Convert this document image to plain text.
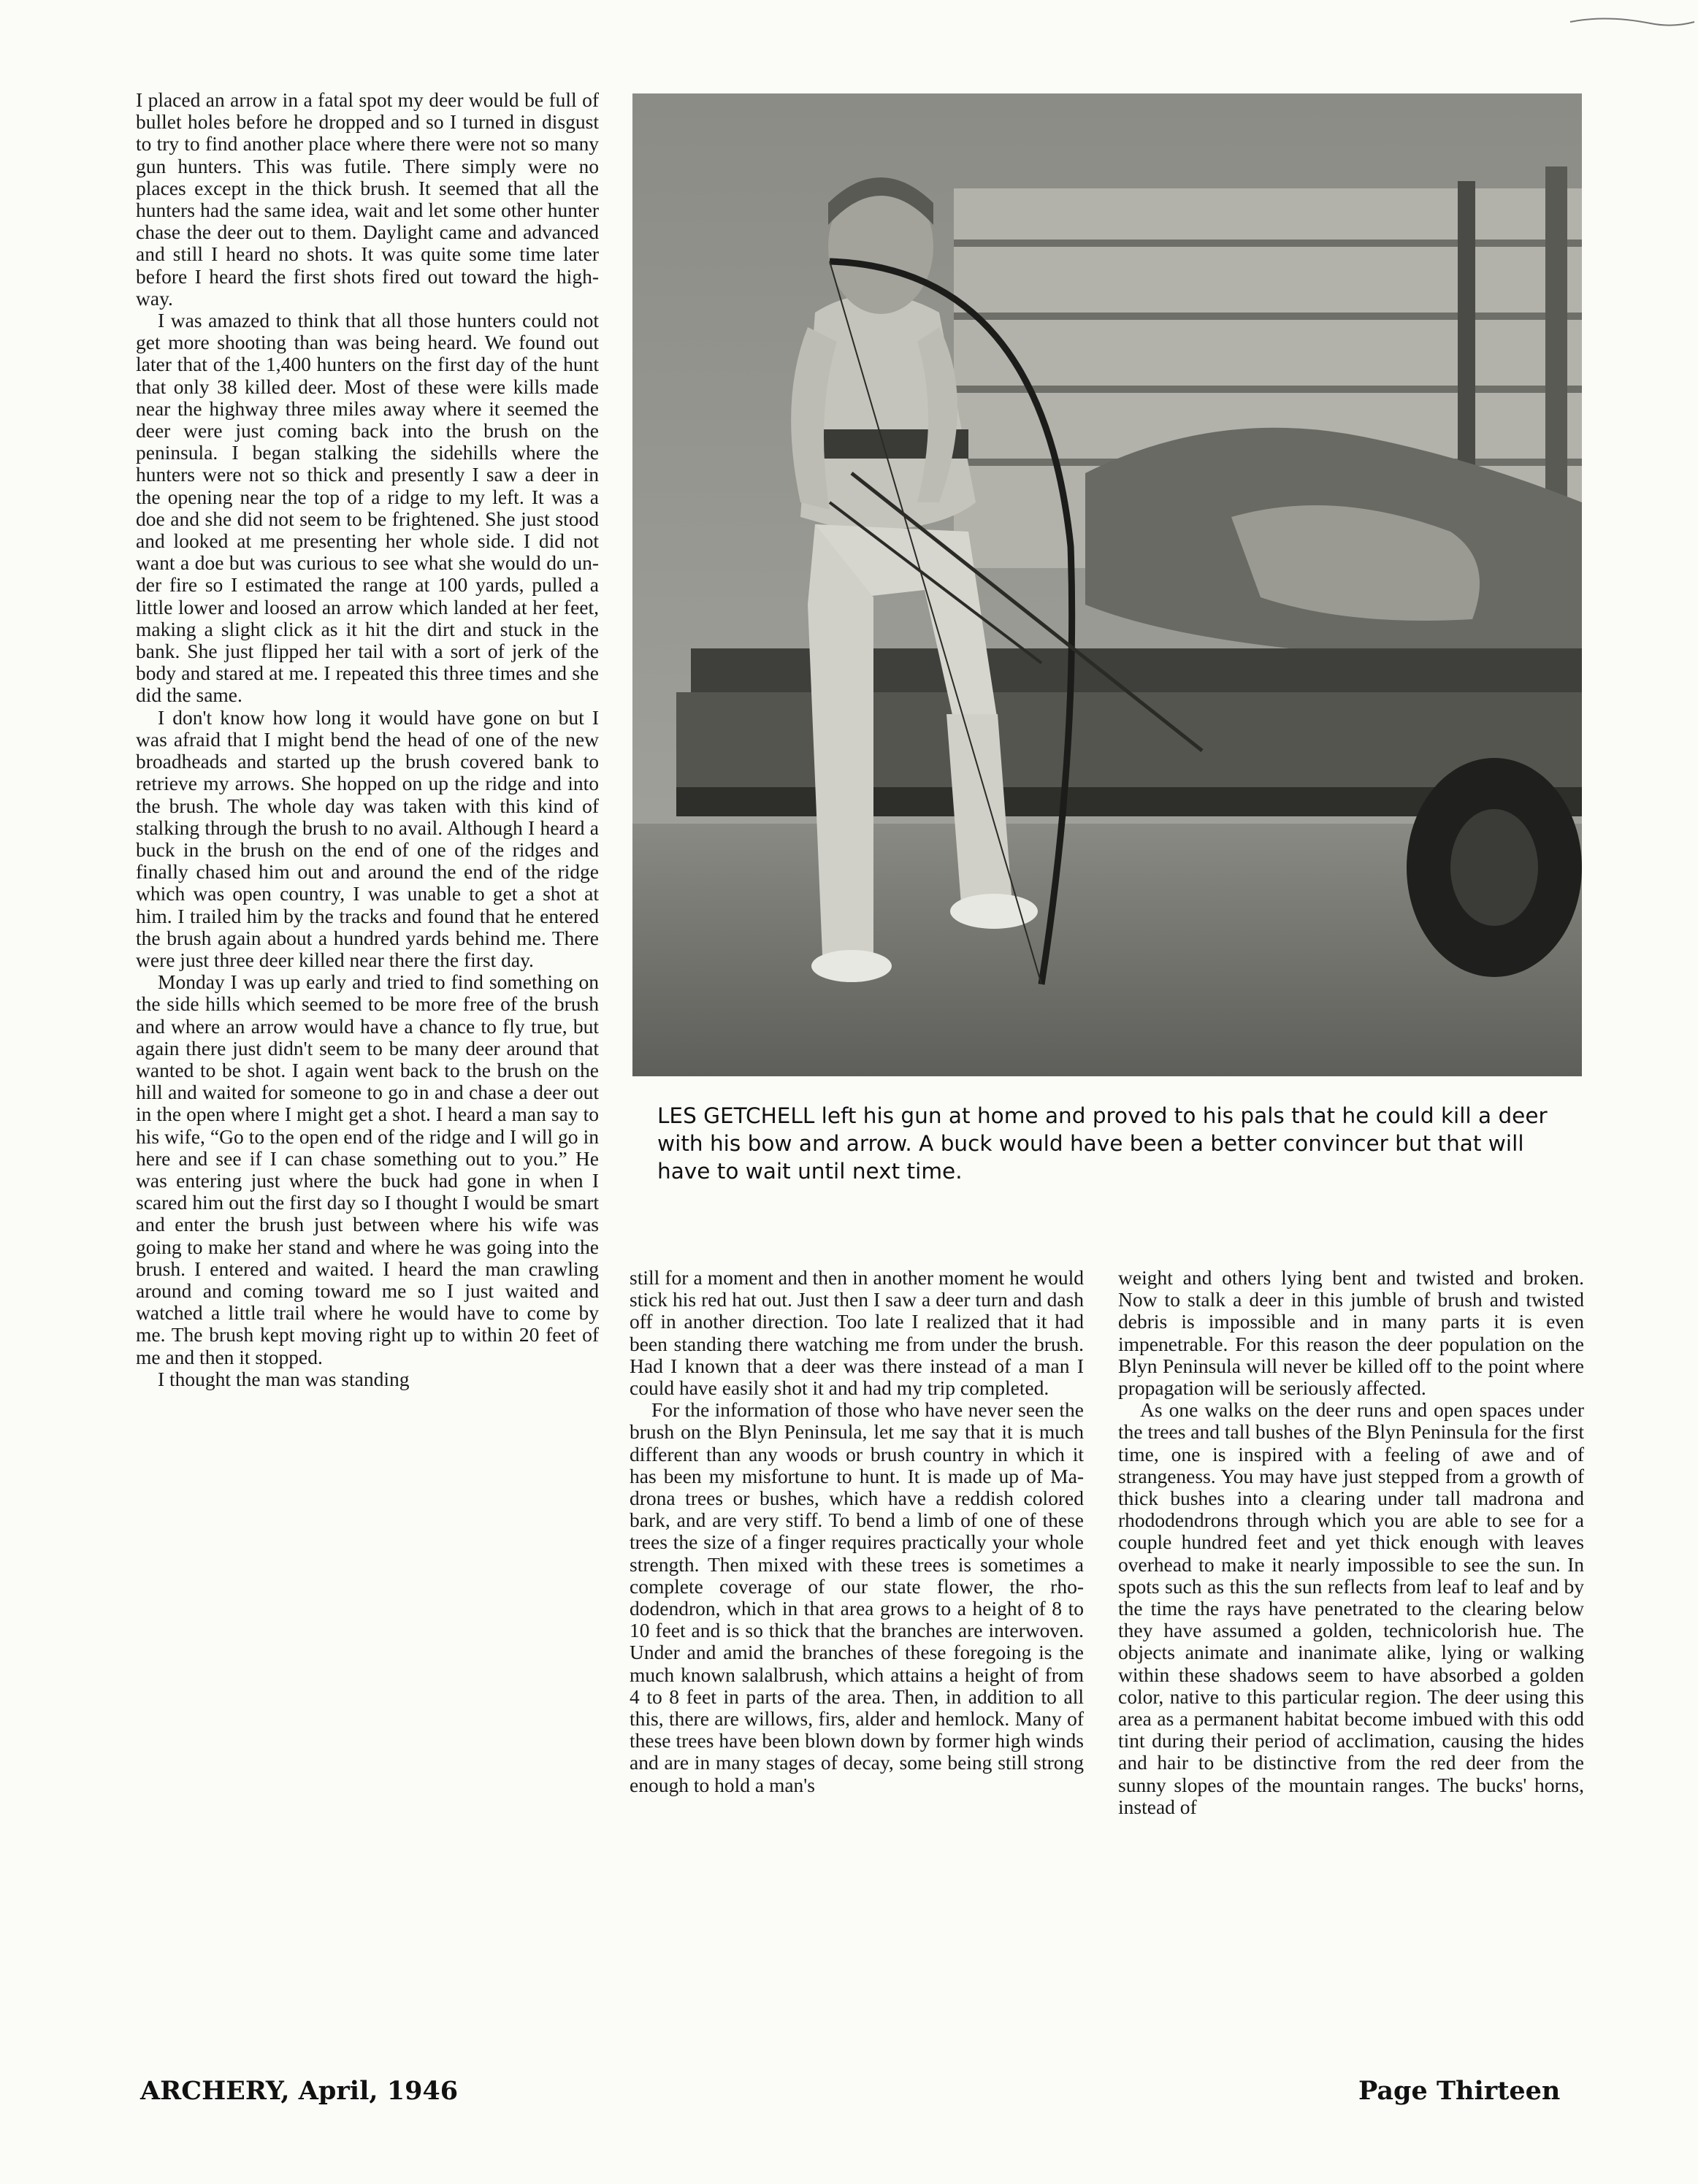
I placed an arrow in a fatal spot my deer would be full of bullet holes before he dropped and so I turned in disgust to try to find another place where there were not so many gun hunters. This was futile. There simply were no places except in the thick brush. It seemed that all the hunters had the same idea, wait and let some other hunter chase the deer out to them. Daylight came and advanced and still I heard no shots. It was quite some time later before I heard the first shots fired out toward the highway.

I was amazed to think that all those hunters could not get more shooting than was being heard. We found out later that of the 1,400 hunters on the first day of the hunt that only 38 killed deer. Most of these were kills made near the highway three miles away where it seemed the deer were just coming back into the brush on the peninsula. I began stalking the sidehills where the hunters were not so thick and presently I saw a deer in the opening near the top of a ridge to my left. It was a doe and she did not seem to be frightened. She just stood and looked at me presenting her whole side. I did not want a doe but was curious to see what she would do under fire so I estimated the range at 100 yards, pulled a little lower and loosed an arrow which landed at her feet, making a slight click as it hit the dirt and stuck in the bank. She just flipped her tail with a sort of jerk of the body and stared at me. I repeated this three times and she did the same.

I don't know how long it would have gone on but I was afraid that I might bend the head of one of the new broadheads and started up the brush covered bank to retrieve my arrows. She hopped on up the ridge and into the brush. The whole day was taken with this kind of stalking through the brush to no avail. Although I heard a buck in the brush on the end of one of the ridges and finally chased him out and around the end of the ridge which was open country, I was unable to get a shot at him. I trailed him by the tracks and found that he entered the brush again about a hundred yards behind me. There were just three deer killed near there the first day.

Monday I was up early and tried to find something on the side hills which seemed to be more free of the brush and where an arrow would have a chance to fly true, but again there just didn't seem to be many deer around that wanted to be shot. I again went back to the brush on the hill and waited for someone to go in and chase a deer out in the open where I might get a shot. I heard a man say to his wife, “Go to the open end of the ridge and I will go in here and see if I can chase something out to you.” He was entering just where the buck had gone in when I scared him out the first day so I thought I would be smart and enter the brush just between where his wife was going to make her stand and where he was going into the brush. I entered and waited. I heard the man crawling around and coming toward me so I just waited and watched a little trail where he would have to come by me. The brush kept moving right up to within 20 feet of me and then it stopped.

I thought the man was standing

LES GETCHELL left his gun at home and proved to his pals that he could kill a deer with his bow and arrow. A buck would have been a better convincer but that will have to wait until next time.

still for a moment and then in another moment he would stick his red hat out. Just then I saw a deer turn and dash off in another direction. Too late I realized that it had been standing there watching me from under the brush. Had I known that a deer was there instead of a man I could have easily shot it and had my trip completed.

For the information of those who have never seen the brush on the Blyn Peninsula, let me say that it is much different than any woods or brush country in which it has been my misfortune to hunt. It is made up of Madrona trees or bushes, which have a reddish colored bark, and are very stiff. To bend a limb of one of these trees the size of a finger requires practically your whole strength. Then mixed with these trees is sometimes a complete coverage of our state flower, the rhododendron, which in that area grows to a height of 8 to 10 feet and is so thick that the branches are interwoven. Under and amid the branches of these foregoing is the much known salalbrush, which attains a height of from 4 to 8 feet in parts of the area. Then, in addition to all this, there are willows, firs, alder and hemlock. Many of these trees have been blown down by former high winds and are in many stages of decay, some being still strong enough to hold a man's

weight and others lying bent and twisted and broken. Now to stalk a deer in this jumble of brush and twisted debris is impossible and in many parts it is even impenetrable. For this reason the deer population on the Blyn Peninsula will never be killed off to the point where propagation will be seriously affected.

As one walks on the deer runs and open spaces under the trees and tall bushes of the Blyn Peninsula for the first time, one is inspired with a feeling of awe and of strangeness. You may have just stepped from a growth of thick bushes into a clearing under tall madrona and rhododendrons through which you are able to see for a couple hundred feet and yet thick enough with leaves overhead to make it nearly impossible to see the sun. In spots such as this the sun reflects from leaf to leaf and by the time the rays have penetrated to the clearing below they have assumed a golden, technicolorish hue. The objects animate and inanimate alike, lying or walking within these shadows seem to have absorbed a golden color, native to this particular region. The deer using this area as a permanent habitat become imbued with this odd tint during their period of acclimation, causing the hides and hair to be distinctive from the red deer from the sunny slopes of the mountain ranges. The bucks' horns, instead of

ARCHERY, April, 1946	Page Thirteen
